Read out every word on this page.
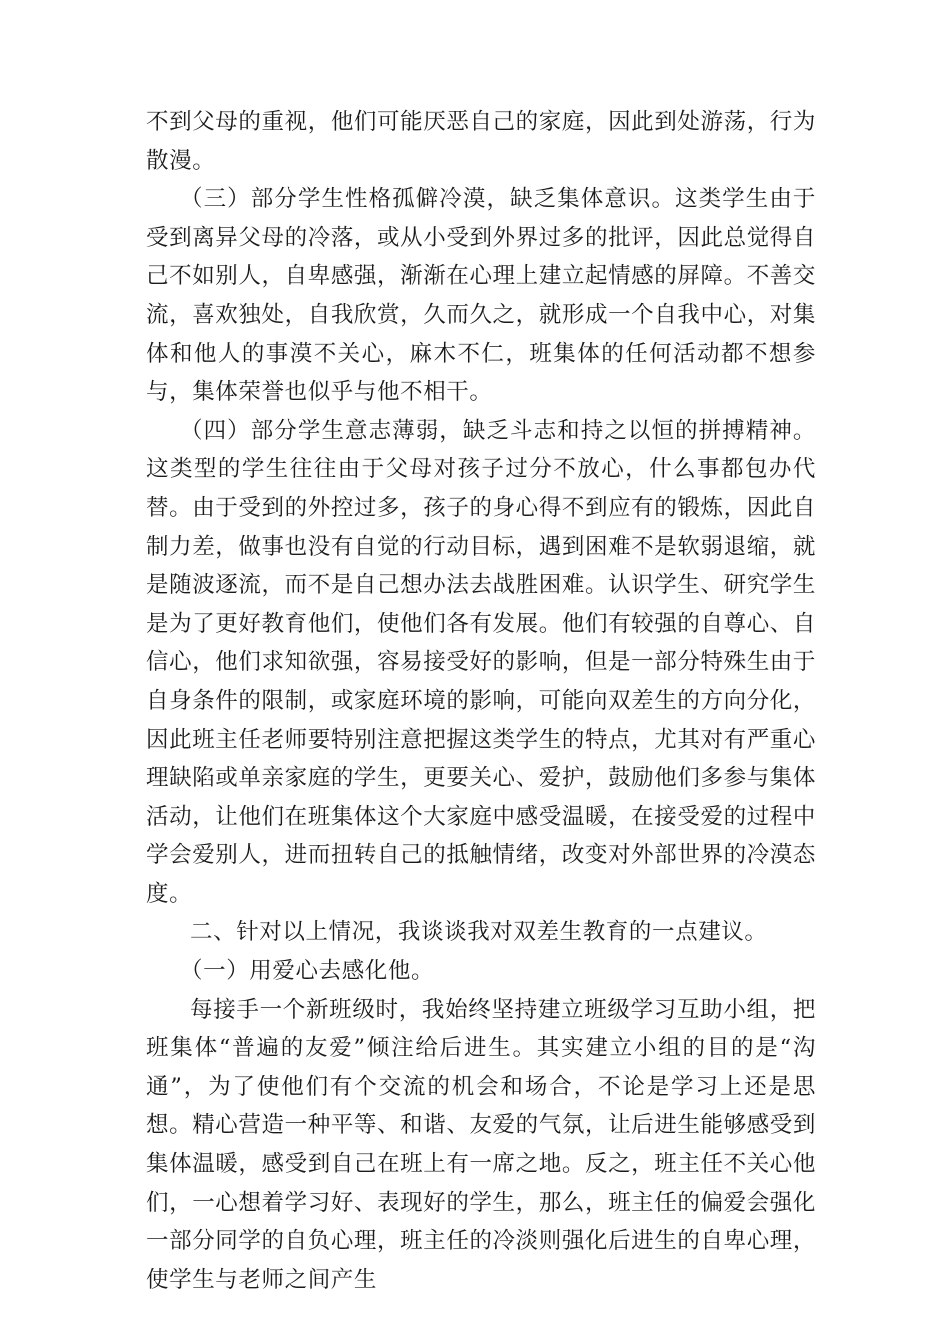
不到父母的重视，他们可能厌恶自己的家庭，因此到处游荡，行为散漫。

（三）部分学生性格孤僻冷漠，缺乏集体意识。这类学生由于受到离异父母的冷落，或从小受到外界过多的批评，因此总觉得自己不如别人，自卑感强，渐渐在心理上建立起情感的屏障。不善交流，喜欢独处，自我欣赏，久而久之，就形成一个自我中心，对集体和他人的事漠不关心，麻木不仁，班集体的任何活动都不想参与，集体荣誉也似乎与他不相干。

（四）部分学生意志薄弱，缺乏斗志和持之以恒的拼搏精神。这类型的学生往往由于父母对孩子过分不放心，什么事都包办代替。由于受到的外控过多，孩子的身心得不到应有的锻炼，因此自制力差，做事也没有自觉的行动目标，遇到困难不是软弱退缩，就是随波逐流，而不是自己想办法去战胜困难。认识学生、研究学生是为了更好教育他们，使他们各有发展。他们有较强的自尊心、自信心，他们求知欲强，容易接受好的影响，但是一部分特殊生由于自身条件的限制，或家庭环境的影响，可能向双差生的方向分化，因此班主任老师要特别注意把握这类学生的特点，尤其对有严重心理缺陷或单亲家庭的学生，更要关心、爱护，鼓励他们多参与集体活动，让他们在班集体这个大家庭中感受温暖，在接受爱的过程中学会爱别人，进而扭转自己的抵触情绪，改变对外部世界的冷漠态度。

二、针对以上情况，我谈谈我对双差生教育的一点建议。

（一）用爱心去感化他。

每接手一个新班级时，我始终坚持建立班级学习互助小组，把班集体“普遍的友爱”倾注给后进生。其实建立小组的目的是“沟通”，为了使他们有个交流的机会和场合，不论是学习上还是思想。精心营造一种平等、和谐、友爱的气氛，让后进生能够感受到集体温暖，感受到自己在班上有一席之地。反之，班主任不关心他们，一心想着学习好、表现好的学生，那么，班主任的偏爱会强化一部分同学的自负心理，班主任的冷淡则强化后进生的自卑心理，使学生与老师之间产生
